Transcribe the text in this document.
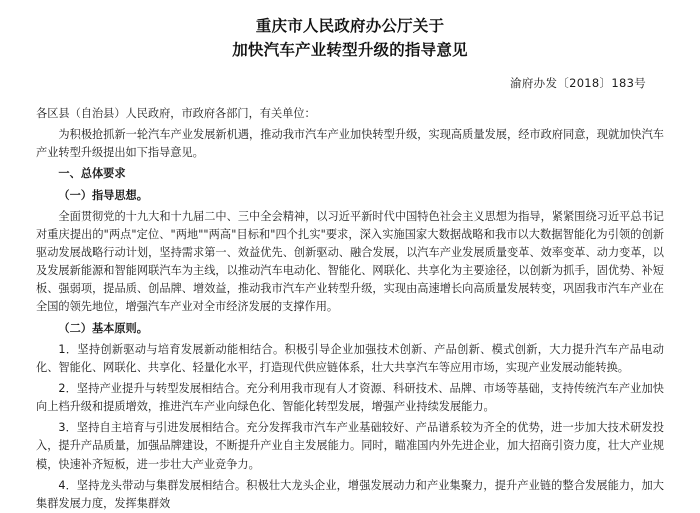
重庆市人民政府办公厅关于
加快汽车产业转型升级的指导意见
渝府办发〔2018〕183号

各区县（自治县）人民政府，市政府各部门，有关单位：

为积极抢抓新一轮汽车产业发展新机遇，推动我市汽车产业加快转型升级，实现高质量发展，经市政府同意，现就加快汽车产业转型升级提出如下指导意见。

一、总体要求

（一）指导思想。

全面贯彻党的十九大和十九届二中、三中全会精神，以习近平新时代中国特色社会主义思想为指导，紧紧围绕习近平总书记对重庆提出的"两点"定位、"两地""两高"目标和"四个扎实"要求，深入实施国家大数据战略和我市以大数据智能化为引领的创新驱动发展战略行动计划，坚持需求第一、效益优先、创新驱动、融合发展，以汽车产业发展质量变革、效率变革、动力变革，以及发展新能源和智能网联汽车为主线，以推动汽车电动化、智能化、网联化、共享化为主要途径，以创新为抓手，固优势、补短板、强弱项，提品质、创品牌、增效益，推动我市汽车产业转型升级，实现由高速增长向高质量发展转变，巩固我市汽车产业在全国的领先地位，增强汽车产业对全市经济发展的支撑作用。

（二）基本原则。

1．坚持创新驱动与培育发展新动能相结合。积极引导企业加强技术创新、产品创新、模式创新，大力提升汽车产品电动化、智能化、网联化、共享化、轻量化水平，打造现代供应链体系，壮大共享汽车等应用市场，实现产业发展动能转换。

2．坚持产业提升与转型发展相结合。充分利用我市现有人才资源、科研技术、品牌、市场等基础，支持传统汽车产业加快向上档升级和提质增效，推进汽车产业向绿色化、智能化转型发展，增强产业持续发展能力。

3．坚持自主培育与引进发展相结合。充分发挥我市汽车产业基础较好、产品谱系较为齐全的优势，进一步加大技术研发投入，提升产品质量，加强品牌建设，不断提升产业自主发展能力。同时，瞄准国内外先进企业，加大招商引资力度，壮大产业规模，快速补齐短板，进一步壮大产业竞争力。

4．坚持龙头带动与集群发展相结合。积极壮大龙头企业，增强发展动力和产业集聚力，提升产业链的整合发展能力，加大集群发展力度，发挥集群效
